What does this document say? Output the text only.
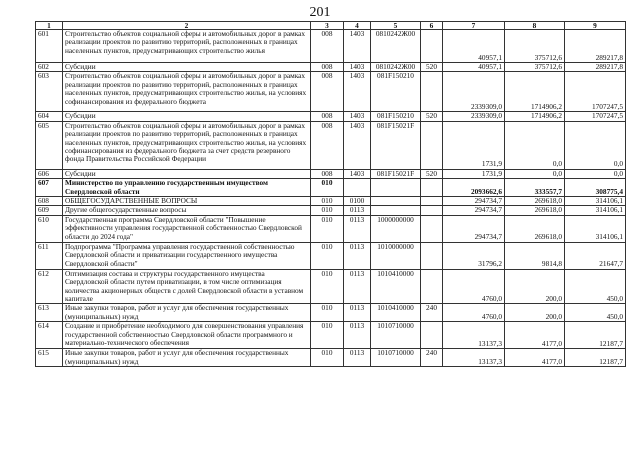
201
1	2	3	4	5	6	7	8	9
601	Строительство объектов социальной сферы и автомобильных дорог в рамках реализации проектов по развитию территорий, расположенных в границах населенных пунктов, предусматривающих строительство жилья	008	1403	0810242Ж00		40957,1	375712,6	289217,8
602	Субсидии	008	1403	0810242Ж00	520	40957,1	375712,6	289217,8
603	Строительство объектов социальной сферы и автомобильных дорог в рамках реализации проектов по развитию территорий, расположенных в границах населенных пунктов, предусматривающих строительство жилья, на условиях софинансирования из федерального бюджета	008	1403	081F150210		2339309,0	1714906,2	1707247,5
604	Субсидии	008	1403	081F150210	520	2339309,0	1714906,2	1707247,5
605	Строительство объектов социальной сферы и автомобильных дорог в рамках реализации проектов по развитию территорий, расположенных в границах населенных пунктов, предусматривающих строительство жилья, на условиях софинансирования из федерального бюджета за счет средств резервного фонда Правительства Российской Федерации	008	1403	081F15021F		1731,9	0,0	0,0
606	Субсидии	008	1403	081F15021F	520	1731,9	0,0	0,0
607	Министерство по управлению государственным имуществом Свердловской области	010				2093662,6	333557,7	308775,4
608	ОБЩЕГОСУДАРСТВЕННЫЕ ВОПРОСЫ	010	0100			294734,7	269618,0	314106,1
609	Другие общегосударственные вопросы	010	0113			294734,7	269618,0	314106,1
610	Государственная программа Свердловской области "Повышение эффективности управления государственной собственностью Свердловской области до 2024 года"	010	0113	1000000000		294734,7	269618,0	314106,1
611	Подпрограмма "Программа управления государственной собственностью Свердловской области и приватизации государственного имущества Свердловской области"	010	0113	1010000000		31796,2	9814,8	21647,7
612	Оптимизация состава и структуры государственного имущества Свердловской области путем приватизации, в том числе оптимизация количества акционерных обществ с долей Свердловской области в уставном капитале	010	0113	1010410000		4760,0	200,0	450,0
613	Иные закупки товаров, работ и услуг для обеспечения государственных (муниципальных) нужд	010	0113	1010410000	240	4760,0	200,0	450,0
614	Создание и приобретение необходимого для совершенствования управления государственной собственностью Свердловской области программного и материально-технического обеспечения	010	0113	1010710000		13137,3	4177,0	12187,7
615	Иные закупки товаров, работ и услуг для обеспечения государственных (муниципальных) нужд	010	0113	1010710000	240	13137,3	4177,0	12187,7
